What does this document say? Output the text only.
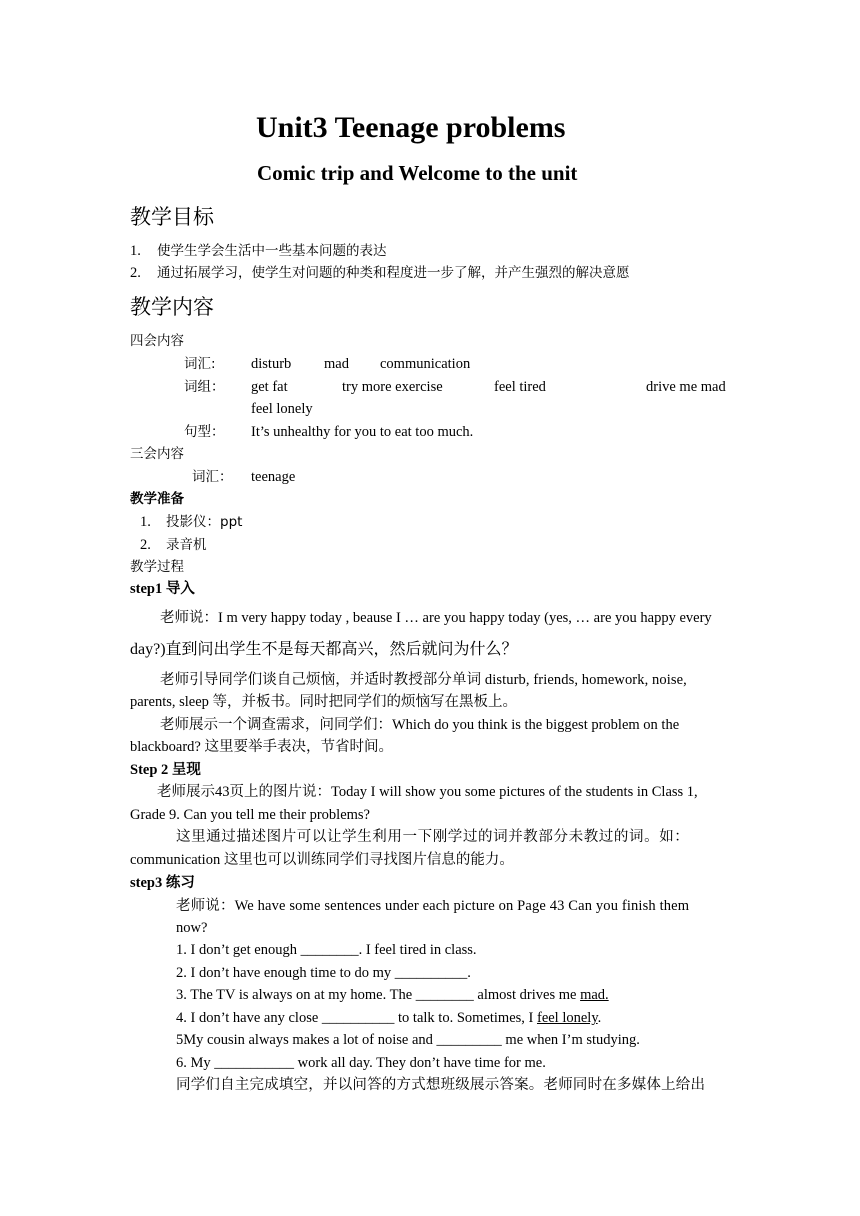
Unit3 Teenage problems
Comic trip and Welcome to the unit
教学目标
1. 使学生学会生活中一些基本问题的表达
2. 通过拓展学习，使学生对问题的种类和程度进一步了解，并产生强烈的解决意愿
教学内容
四会内容
词汇: disturb mad communication
词组： get fat	try more exercise	feel tired	drive me mad
feel lonely
句型： It’s unhealthy for you to eat too much.
三会内容
词汇： teenage
教学准备
1. 投影仪：ppt
2. 录音机
教学过程
step1 导入
老师说：I m very happy today , beause I … are you happy today (yes, … are you happy every
day?)直到问出学生不是每天都高兴，然后就问为什么？
老师引导同学们谈自己烦恼，并适时教授部分单词 disturb, friends, homework, noise,
parents, sleep 等，并板书。同时把同学们的烦恼写在黑板上。
老师展示一个调查需求，问同学们：Which do you think is the biggest problem on the
blackboard? 这里要举手表决，节省时间。
Step 2 呈现
老师展示43页上的图片说：Today I will show you some pictures of the students in Class 1,
Grade 9. Can you tell me their problems?
这里通过描述图片可以让学生利用一下刚学过的词并教部分未教过的词。如：
communication 这里也可以训练同学们寻找图片信息的能力。
step3 练习
老师说：We have some sentences under each picture on Page 43 Can you finish them
now?
1. I don’t get enough ________. I feel tired in class.
2. I don’t have enough time to do my __________.
3. The TV is always on at my home. The ________ almost drives me mad.
4. I don’t have any close __________ to talk to. Sometimes, I feel lonely.
5My cousin always makes a lot of noise and _________ me when I’m studying.
6. My ___________ work all day. They don’t have time for me.
同学们自主完成填空，并以问答的方式想班级展示答案。老师同时在多媒体上给出
